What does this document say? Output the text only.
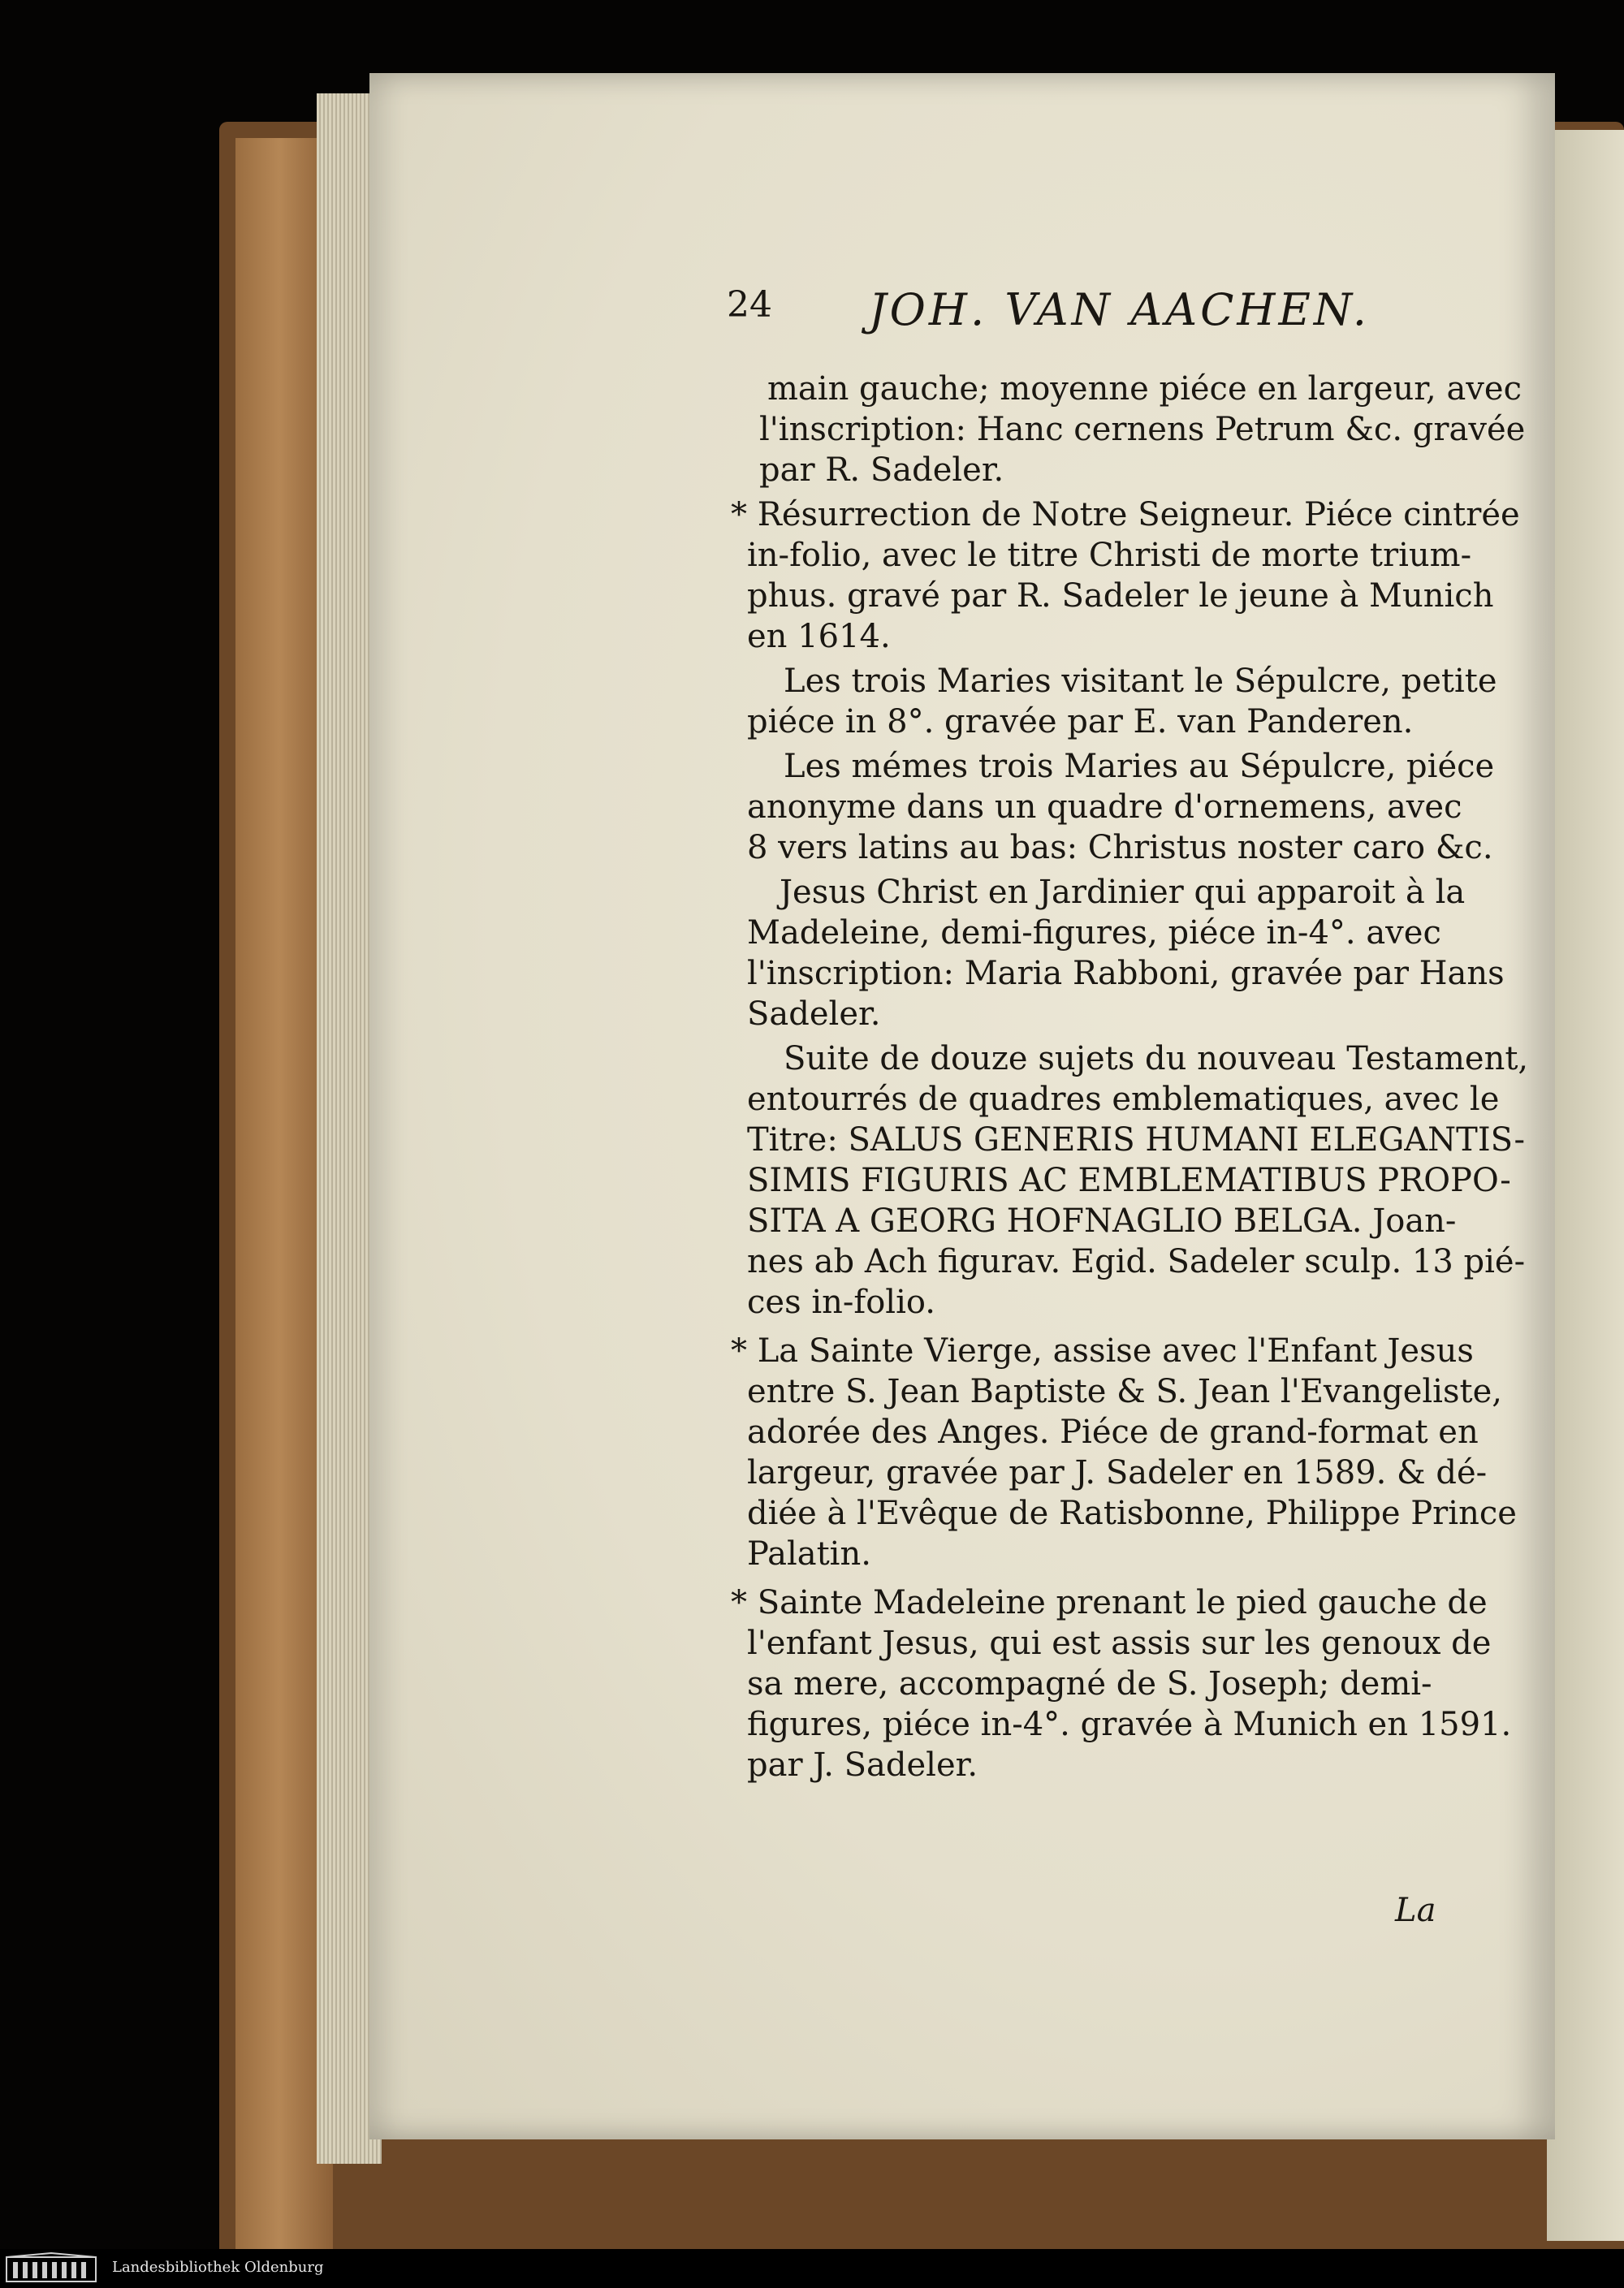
24 JOH. VAN AACHEN.
main gauche; moyenne piéce en largeur, avec
l'inscription: Hanc cernens Petrum &c. gravée
par R. Sadeler.
* Résurrection de Notre Seigneur. Piéce cintrée
in-folio, avec le titre Christi de morte trium-
phus. gravé par R. Sadeler le jeune à Munich
en 1614.
Les trois Maries visitant le Sépulcre, petite
piéce in 8°. gravée par E. van Panderen.
Les mémes trois Maries au Sépulcre, piéce
anonyme dans un quadre d'ornemens, avec
8 vers latins au bas: Christus noster caro &c.
Jesus Christ en Jardinier qui apparoit à la
Madeleine, demi-figures, piéce in-4°. avec
l'inscription: Maria Rabboni, gravée par Hans
Sadeler.
Suite de douze sujets du nouveau Testament,
entourrés de quadres emblematiques, avec le
Titre: SALUS GENERIS HUMANI ELEGANTIS-
SIMIS FIGURIS AC EMBLEMATIBUS PROPO-
SITA A GEORG HOFNAGLIO BELGA. Joan-
nes ab Ach figurav. Egid. Sadeler sculp. 13 pié-
ces in-folio.
* La Sainte Vierge, assise avec l'Enfant Jesus
entre S. Jean Baptiste & S. Jean l'Evangeliste,
adorée des Anges. Piéce de grand-format en
largeur, gravée par J. Sadeler en 1589. & dé-
diée à l'Evêque de Ratisbonne, Philippe Prince
Palatin.
* Sainte Madeleine prenant le pied gauche de
l'enfant Jesus, qui est assis sur les genoux de
sa mere, accompagné de S. Joseph; demi-
figures, piéce in-4°. gravée à Munich en 1591.
par J. Sadeler.
La
Landesbibliothek Oldenburg
